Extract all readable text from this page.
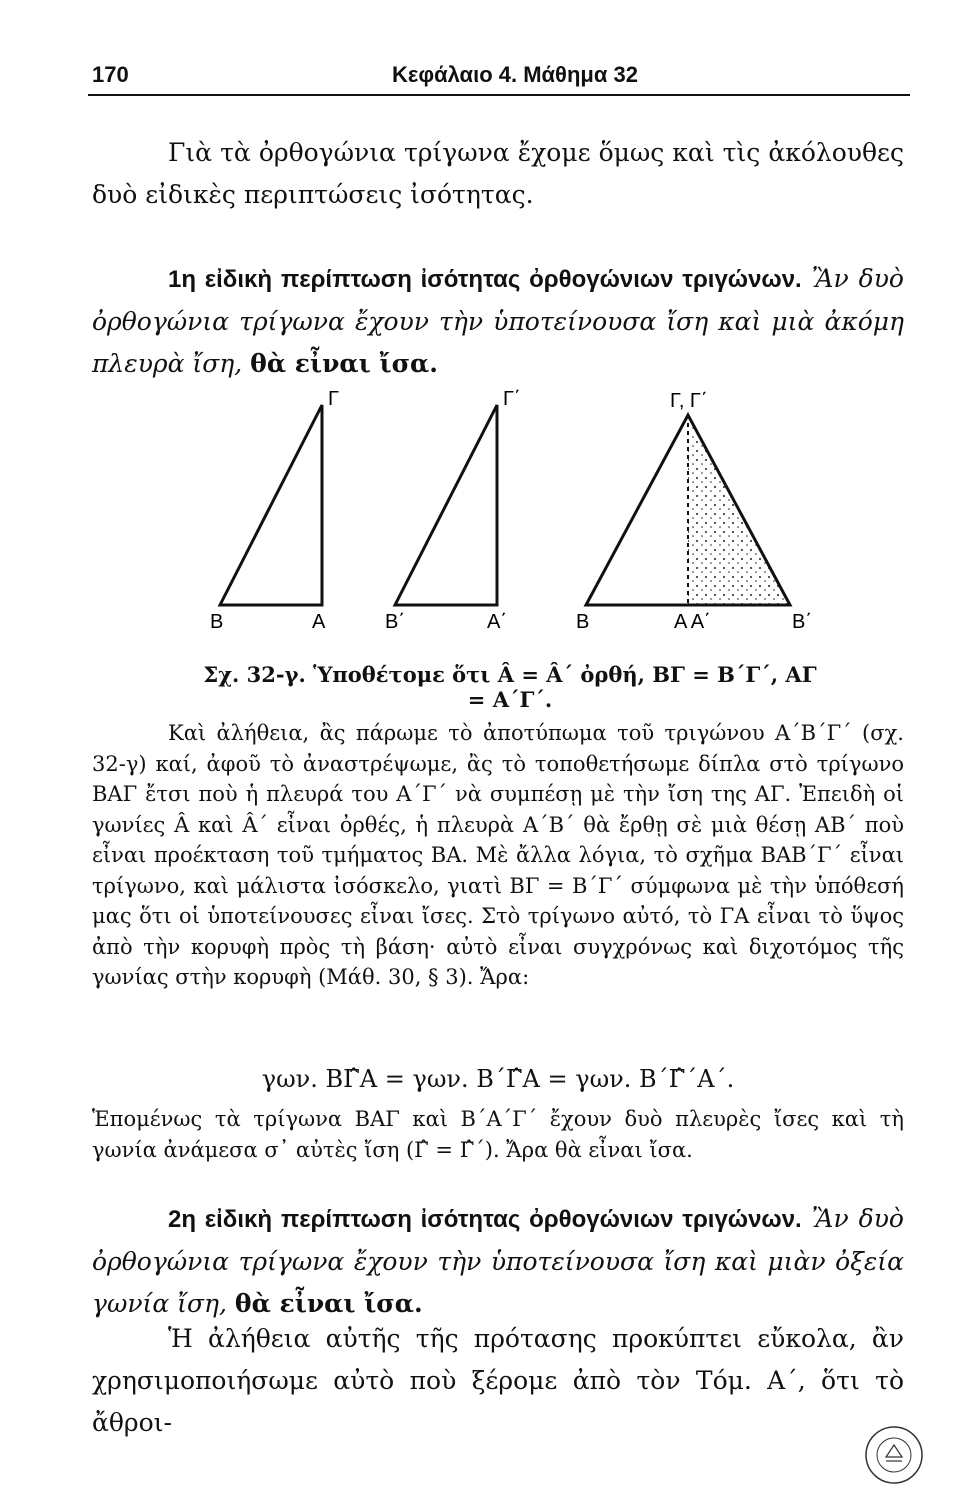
170	Κεφάλαιο 4. Μάθημα 32
Γιὰ τὰ ὀρθογώνια τρίγωνα ἔχομε ὅμως καὶ τὶς ἀκόλουθες δυὸ εἰδικὲς περιπτώσεις ἰσότητας.
1η εἰδικὴ περίπτωση ἰσότητας ὀρθογώνιων τριγώνων. Ἂν δυὸ ὀρθογώνια τρίγωνα ἔχουν τὴν ὑποτείνουσα ἴση καὶ μιὰ ἀκόμη πλευρὰ ἴση, θὰ εἶναι ἴσα.
Γ
Β	Α
Γ΄
Β΄	Α΄
Γ, Γ΄
Β	Α Α΄	Β΄
Σχ. 32-γ. Ὑποθέτομε ὅτι Â = Â΄ ὀρθή, ΒΓ = Β΄Γ΄, ΑΓ = Α΄Γ΄.
Καὶ ἀλήθεια, ἂς πάρωμε τὸ ἀποτύπωμα τοῦ τριγώνου Α΄Β΄Γ΄ (σχ. 32-γ) καί, ἀφοῦ τὸ ἀναστρέψωμε, ἂς τὸ τοποθετήσωμε δίπλα στὸ τρίγωνο ΒΑΓ ἔτσι ποὺ ἡ πλευρά του Α΄Γ΄ νὰ συμπέσῃ μὲ τὴν ἴση της ΑΓ. Ἐπειδὴ οἱ γωνίες Â καὶ Â΄ εἶναι ὀρθές, ἡ πλευρὰ Α΄Β΄ θὰ ἔρθῃ σὲ μιὰ θέσῃ ΑΒ΄ ποὺ εἶναι προέκταση τοῦ τμήματος ΒΑ. Μὲ ἄλλα λόγια, τὸ σχῆμα ΒΑΒ΄Γ΄ εἶναι τρίγωνο, καὶ μάλιστα ἰσόσκελο, γιατὶ ΒΓ = Β΄Γ΄ σύμφωνα μὲ τὴν ὑπόθεσή μας ὅτι οἱ ὑποτείνουσες εἶναι ἴσες. Στὸ τρίγωνο αὐτό, τὸ ΓΑ εἶναι τὸ ὕψος ἀπὸ τὴν κορυφὴ πρὸς τὴ βάση· αὐτὸ εἶναι συγχρόνως καὶ διχοτόμος τῆς γωνίας στὴν κορυφὴ (Μάθ. 30, § 3). Ἄρα:
γων. ΒΓ̂Α = γων. Β΄Γ̂Α = γων. Β΄Γ̂΄Α΄.
Ἑπομένως τὰ τρίγωνα ΒΑΓ καὶ Β΄Α΄Γ΄ ἔχουν δυὸ πλευρὲς ἴσες καὶ τὴ γωνία ἀνάμεσα σ᾽ αὐτὲς ἴση (Γ̂ = Γ̂΄). Ἄρα θὰ εἶναι ἴσα.
2η εἰδικὴ περίπτωση ἰσότητας ὀρθογώνιων τριγώνων. Ἂν δυὸ ὀρθογώνια τρίγωνα ἔχουν τὴν ὑποτείνουσα ἴση καὶ μιὰν ὀξεία γωνία ἴση, θὰ εἶναι ἴσα.
Ἡ ἀλήθεια αὐτῆς τῆς πρότασης προκύπτει εὔκολα, ἂν χρησιμοποιήσωμε αὐτὸ ποὺ ξέρομε ἀπὸ τὸν Τόμ. Α΄, ὅτι τὸ ἄθροι-
